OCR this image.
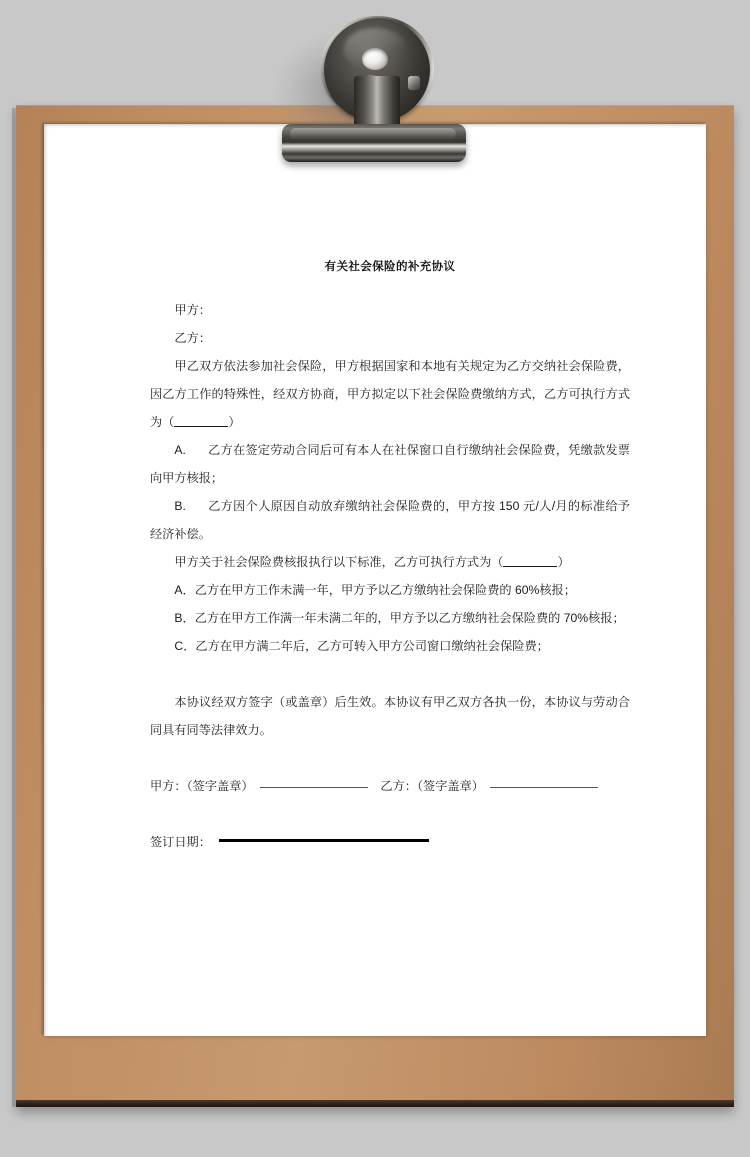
有关社会保险的补充协议

甲方：

乙方：

甲乙双方依法参加社会保险，甲方根据国家和本地有关规定为乙方交纳社会保险费，因乙方工作的特殊性，经双方协商，甲方拟定以下社会保险费缴纳方式，乙方可执行方式为（	）

A. 乙方在签定劳动合同后可有本人在社保窗口自行缴纳社会保险费，凭缴款发票向甲方核报；

B. 乙方因个人原因自动放弃缴纳社会保险费的，甲方按 150 元/人/月的标准给予经济补偿。

甲方关于社会保险费核报执行以下标准，乙方可执行方式为（	）

A．乙方在甲方工作未满一年，甲方予以乙方缴纳社会保险费的 60%核报；

B．乙方在甲方工作满一年未满二年的，甲方予以乙方缴纳社会保险费的 70%核报；

C．乙方在甲方满二年后，乙方可转入甲方公司窗口缴纳社会保险费；

本协议经双方签字（或盖章）后生效。本协议有甲乙双方各执一份，本协议与劳动合同具有同等法律效力。

甲方：（签字盖章）	乙方：（签字盖章）

签订日期：
